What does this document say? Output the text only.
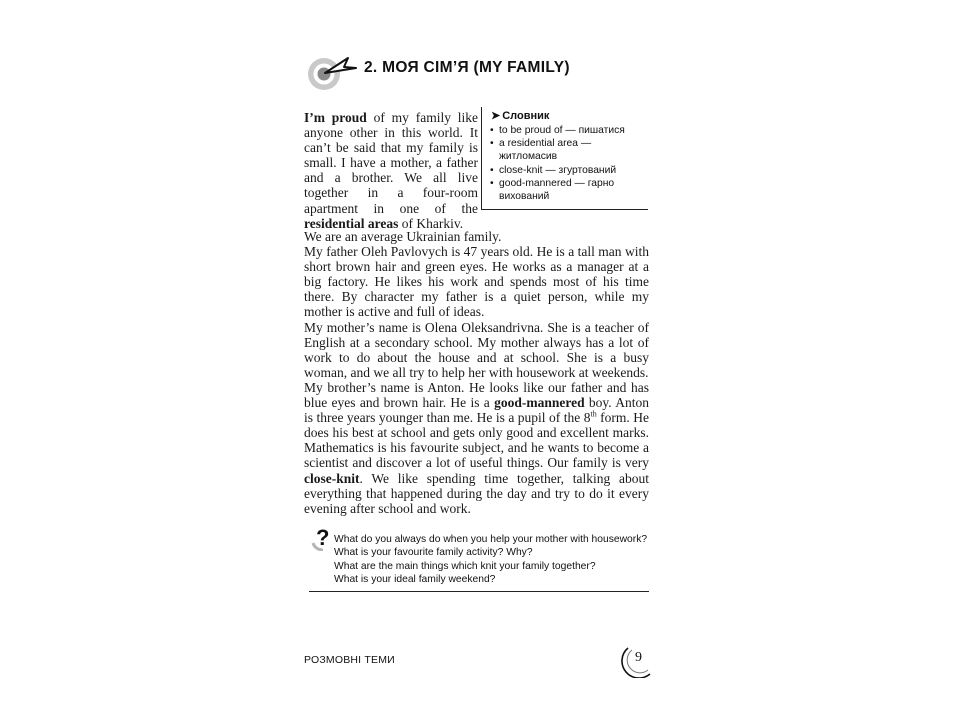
2. МОЯ СІМ’Я (MY FAMILY)
I’m proud of my family like anyone other in this world. It can’t be said that my family is small. I have a mother, a father and a brother. We all live together in a four-room apartment in one of the residential areas of Kharkiv.
➤ Словник
• to be proud of — пишатися
• a residential area — житломасив
• close-knit — згуртований
• good-mannered — гарно вихований

We are an average Ukrainian family.

My father Oleh Pavlovych is 47 years old. He is a tall man with short brown hair and green eyes. He works as a manager at a big factory. He likes his work and spends most of his time there. By character my father is a quiet person, while my mother is active and full of ideas.

My mother’s name is Olena Oleksandrivna. She is a teacher of English at a secondary school. My mother always has a lot of work to do about the house and at school. She is a busy woman, and we all try to help her with housework at weekends.

My brother’s name is Anton. He looks like our father and has blue eyes and brown hair. He is a good-mannered boy. Anton is three years younger than me. He is a pupil of the 8th form. He does his best at school and gets only good and excellent marks. Mathematics is his favourite subject, and he wants to become a scientist and discover a lot of useful things. Our family is very close-knit. We like spending time together, talking about everything that happened during the day and try to do it every evening after school and work.

? What do you always do when you help your mother with housework?
What is your favourite family activity? Why?
What are the main things which knit your family together?
What is your ideal family weekend?
РОЗМОВНІ ТЕМИ	9
